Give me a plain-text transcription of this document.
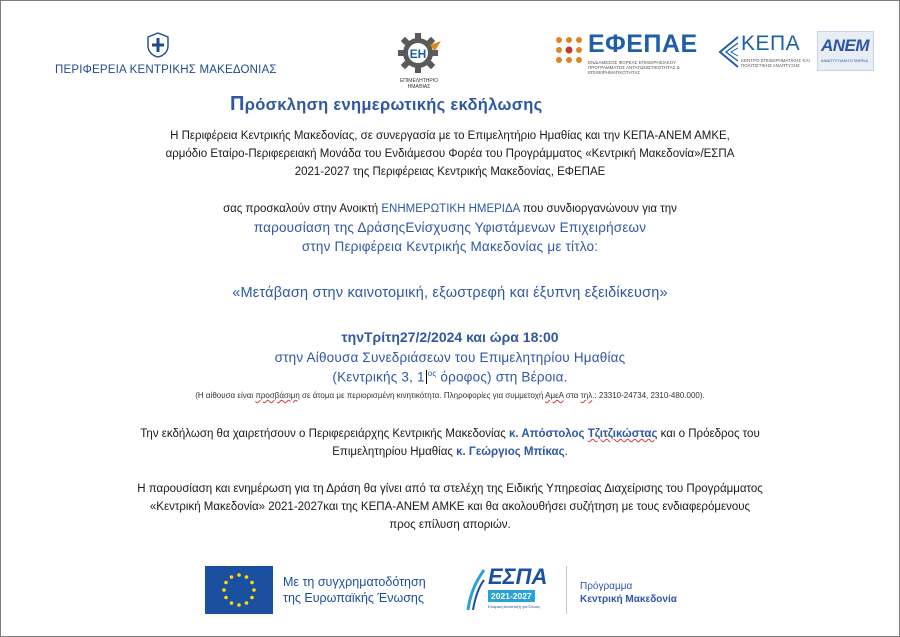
ΠΕΡΙΦΕΡΕΙΑ ΚΕΝΤΡΙΚΗΣ ΜΑΚΕΔΟΝΙΑΣ
ΕΗ
ΕΠΙΜΕΛΗΤΗΡΙΟ ΗΜΑΘΙΑΣ
ΕΦΕΠΑΕ
ΕΝΔΙΑΜΕΣΟΣ ΦΟΡΕΑΣ ΕΠΙΧΕΙΡΗΣΙΑΚΟΥ ΠΡΟΓΡΑΜΜΑΤΟΣ ΑΝΤΑΓΩΝΙΣΤΙΚΟΤΗΤΑΣ & ΕΠΙΧΕΙΡΗΜΑΤΙΚΟΤΗΤΑΣ
ΚΕΠΑ
ΚΕΝΤΡΟ ΕΠΙΧΕΙΡΗΜΑΤΙΚΗΣ ΚΑΙ ΠΟΛΙΤΙΣΤΙΚΗΣ ΑΝΑΠΤΥΞΗΣ
ΑΝΕΜ
ΑΝΑΠΤΥΞΙΑΚΗ ΕΤΑΙΡΕΙΑ
Πρόσκληση ενημερωτικής εκδήλωσης
Η Περιφέρεια Κεντρικής Μακεδονίας, σε συνεργασία με το Επιμελητήριο Ημαθίας και την ΚΕΠΑ-ΑΝΕΜ ΑΜΚΕ,
αρμόδιο Εταίρο-Περιφερειακή Μονάδα του Ενδιάμεσου Φορέα του Προγράμματος «Κεντρική Μακεδονία»/ΕΣΠΑ
2021-2027 της Περιφέρειας Κεντρικής Μακεδονίας, ΕΦΕΠΑΕ
σας προσκαλούν στην Ανοικτή ΕΝΗΜΕΡΩΤΙΚΗ ΗΜΕΡΙΔΑ που συνδιοργανώνουν για την
παρουσίαση της ΔράσηςΕνίσχυσης Υφιστάμενων Επιχειρήσεων
στην Περιφέρεια Κεντρικής Μακεδονίας με τίτλο:
«Μετάβαση στην καινοτομική, εξωστρεφή και έξυπνη εξειδίκευση»
τηνΤρίτη27/2/2024 και ώρα 18:00
στην Αίθουσα Συνεδριάσεων του Επιμελητηρίου Ημαθίας
(Κεντρικής 3, 1 $^{o\varsigma}$ όροφος) στη Βέροια.
(Η αίθουσα είναι προσβάσιμη σε άτομα με περιορισμένη κινητικότητα. Πληροφορίες για συμμετοχή ΑμεΑ στα τηλ.: 23310-24734, 2310-480.000).
Την εκδήλωση θα χαιρετήσουν ο Περιφερειάρχης Κεντρικής Μακεδονίας κ. Απόστολος Τζιτζικώστας και ο Πρόεδρος του
Επιμελητηρίου Ημαθίας κ. Γεώργιος Μπίκας.
Η παρουσίαση και ενημέρωση για τη Δράση θα γίνει από τα στελέχη της Ειδικής Υπηρεσίας Διαχείρισης του Προγράμματος
«Κεντρική Μακεδονία» 2021-2027και της ΚΕΠΑ-ΑΝΕΜ ΑΜΚΕ και θα ακολουθήσει συζήτηση με τους ενδιαφερόμενους
προς επίλυση αποριών.
Με τη συγχρηματοδότηση
της Ευρωπαϊκής Ένωσης
ΕΣΠΑ
2021-2027
Εταιρική Ανάπτυξη για Όλους
Πρόγραμμα
Κεντρική Μακεδονία
